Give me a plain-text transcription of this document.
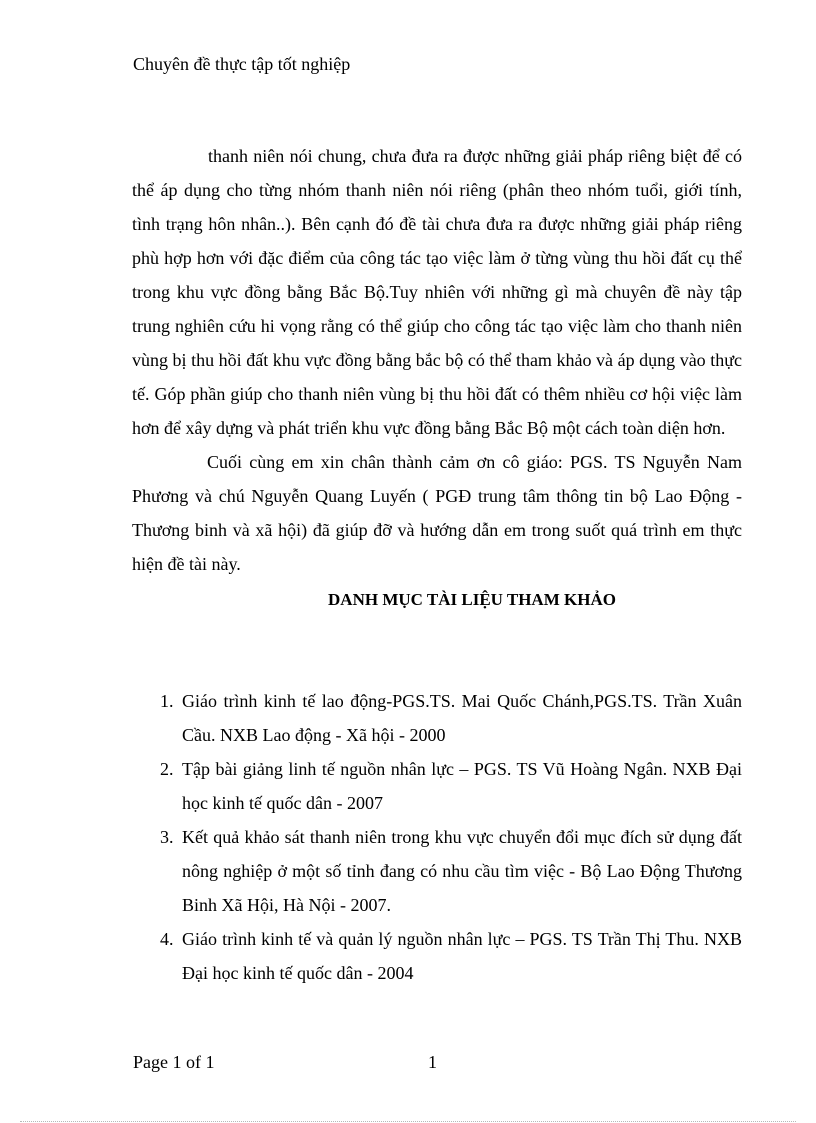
Chuyên đề thực tập tốt nghiệp

thanh niên nói chung, chưa đưa ra được những giải pháp riêng biệt để có thể áp dụng cho từng nhóm thanh niên nói riêng (phân theo nhóm tuổi, giới tính, tình trạng hôn nhân..). Bên cạnh đó đề tài chưa đưa ra được những giải pháp riêng phù hợp hơn với đặc điểm của công tác tạo việc làm ở từng vùng thu hồi đất cụ thể trong khu vực đồng bằng Bắc Bộ.Tuy nhiên với những gì mà chuyên đề này tập trung nghiên cứu hi vọng rằng có thể giúp cho công tác tạo việc làm cho thanh niên vùng bị thu hồi đất khu vực đồng bằng bắc bộ có thể tham khảo và áp dụng vào thực tế. Góp phần giúp cho thanh niên vùng bị thu hồi đất có thêm nhiều cơ hội việc làm hơn để xây dựng và phát triển khu vực đồng bằng Bắc Bộ một cách toàn diện hơn.

Cuối cùng em xin chân thành cảm ơn cô giáo: PGS. TS Nguyễn Nam Phương và chú Nguyễn Quang Luyến ( PGĐ trung tâm thông tin bộ Lao Động - Thương binh và xã hội) đã giúp đỡ và hướng dẫn em trong suốt quá trình em thực hiện đề tài này.

DANH MỤC TÀI LIỆU THAM KHẢO
1. Giáo trình kinh tế lao động-PGS.TS. Mai Quốc Chánh,PGS.TS. Trần Xuân Cầu. NXB Lao động - Xã hội - 2000
2. Tập bài giảng linh tế nguồn nhân lực – PGS. TS Vũ Hoàng Ngân. NXB Đại học kinh tế quốc dân - 2007
3. Kết quả khảo sát thanh niên trong khu vực chuyển đổi mục đích sử dụng đất nông nghiệp ở một số tỉnh đang có nhu cầu tìm việc - Bộ Lao Động Thương Binh Xã Hội, Hà Nội - 2007.
4. Giáo trình kinh tế và quản lý nguồn nhân lực – PGS. TS Trần Thị Thu. NXB Đại học kinh tế quốc dân - 2004
Page 1 of 1	1
